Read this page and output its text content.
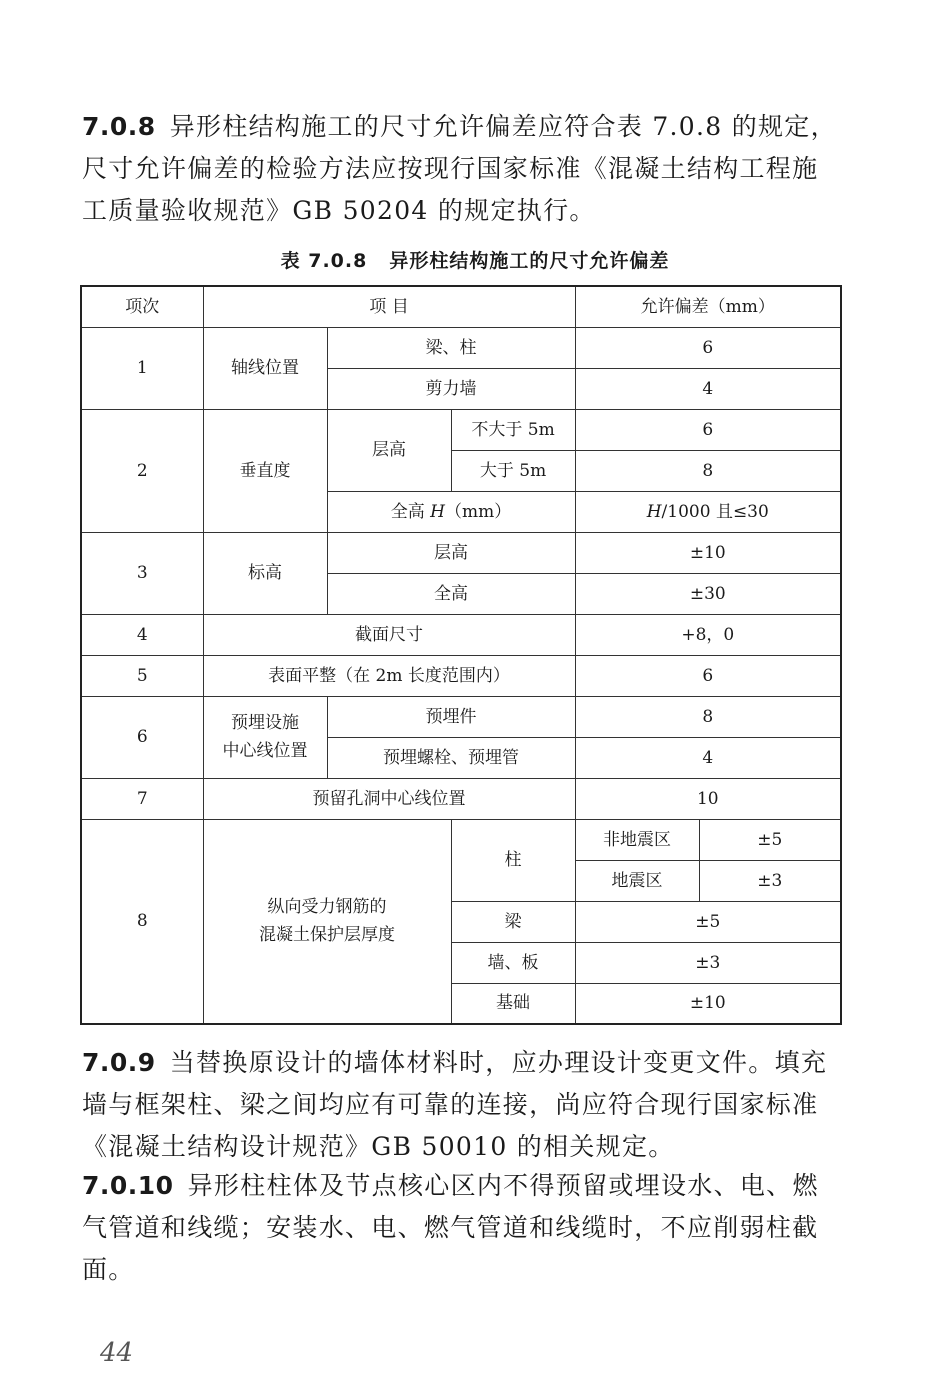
7.0.8 异形柱结构施工的尺寸允许偏差应符合表 7.0.8 的规定，尺寸允许偏差的检验方法应按现行国家标准《混凝土结构工程施工质量验收规范》GB 50204 的规定执行。
表 7.0.8 异形柱结构施工的尺寸允许偏差
项次	项 目			允许偏差（mm）	
1	轴线位置	梁、柱		6	
		剪力墙		4	
2	垂直度	层高	不大于 5m	6	
			大于 5m	8	
		全高 H（mm）		H/1000 且≤30	
3	标高	层高		±10	
		全高		±30	
4	截面尺寸			+8，0	
5	表面平整（在 2m 长度范围内）			6	
6	预埋设施
中心线位置	预埋件		8	
		预埋螺栓、预埋管		4	
7	预留孔洞中心线位置			10	
8	纵向受力钢筋的
混凝土保护层厚度		柱	非地震区	±5
				地震区	±3
			梁	±5	
			墙、板	±3	
			基础	±10	
7.0.9 当替换原设计的墙体材料时，应办理设计变更文件。填充墙与框架柱、梁之间均应有可靠的连接，尚应符合现行国家标准《混凝土结构设计规范》GB 50010 的相关规定。
7.0.10 异形柱柱体及节点核心区内不得预留或埋设水、电、燃气管道和线缆；安装水、电、燃气管道和线缆时，不应削弱柱截面。
44
